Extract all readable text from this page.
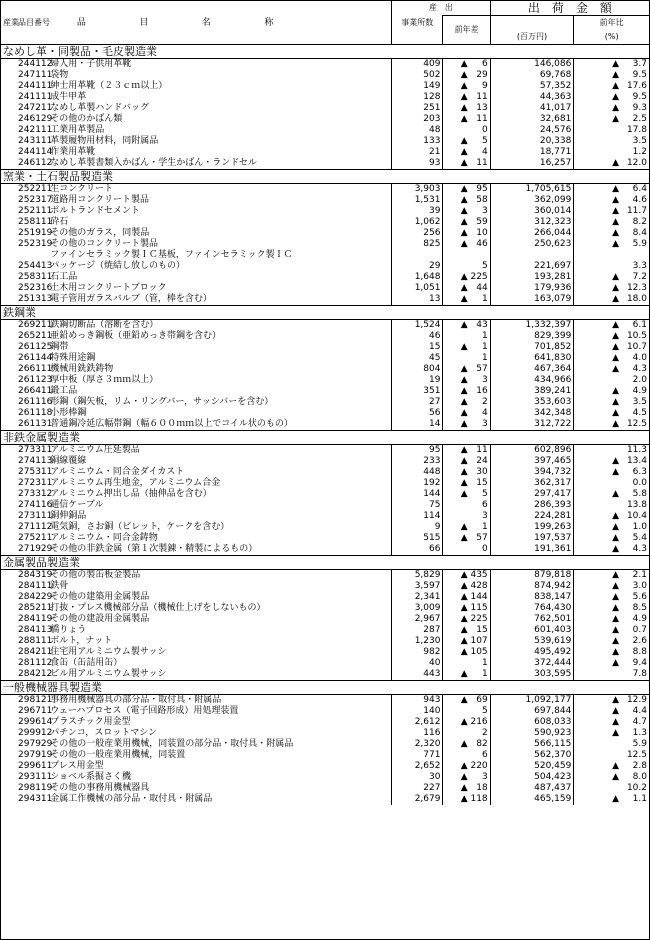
産業	品目番号	品 目 名 称	産　出		出　荷　金　額	
			事業所数	前年差	(百万円)	前年比
						(%)
なめし革・同製品・毛皮製造業						
	244112	婦人用・子供用革靴	409	▲ 6	146,086	▲ 3.7
	247111	袋物	502	▲ 29	69,768	▲ 9.5
	244111	紳士用革靴（２３ｃｍ以上）	149	▲ 9	57,352	▲ 17.6
	241111	成牛甲革	128	▲ 11	44,363	▲ 9.5
	247211	なめし革製ハンドバッグ	251	▲ 13	41,017	▲ 9.3
	246129	その他のかばん類	203	▲ 11	32,681	▲ 2.5
	242111	工業用革製品	48	0	24,576	17.8
	243111	革製履物用材料，同附属品	133	▲ 5	20,338	3.5
	244114	作業用革靴	21	▲ 4	18,771	1.2
	246112	なめし革製書類入かばん・学生かばん・ランドセル	93	▲ 11	16,257	▲ 12.0
窯業・土石製品製造業						
	252211	生コンクリート	3,903	▲ 95	1,705,615	▲ 6.4
	252317	道路用コンクリート製品	1,531	▲ 58	362,099	▲ 4.6
	252111	ポルトランドセメント	39	▲ 3	360,014	▲ 11.7
	258111	砕石	1,062	▲ 59	312,323	▲ 8.2
	251919	その他のガラス，同製品	256	▲ 10	266,044	▲ 8.4
	252319	その他のコンクリート製品	825	▲ 46	250,623	▲ 5.9
	254413	ファインセラミック製ＩＣ基板，ファインセラミック製ＩＣ
パッケージ（焼結し放しのもの）	29	5	221,697	3.3
	258311	石工品	1,648	▲ 225	193,281	▲ 7.2
	252316	土木用コンクリートブロック	1,051	▲ 44	179,936	▲ 12.3
	251313	電子管用ガラスバルブ（管，棒を含む）	13	▲ 1	163,079	▲ 18.0
鉄鋼業						
	269211	鉄鋼切断品（溶断を含む）	1,524	▲ 43	1,332,397	▲ 6.1
	265211	亜鉛めっき鋼板（亜鉛めっき帯鋼を含む）	46	1	829,399	▲ 10.5
	261125	鋼帯	15	▲ 1	701,852	▲ 10.7
	261144	特殊用途鋼	45	1	641,830	▲ 4.0
	266111	機械用銑鉄鋳物	804	▲ 57	467,364	▲ 4.3
	261123	厚中板（厚さ３ｍｍ以上）	19	▲ 3	434,966	2.0
	266411	鍛工品	351	▲ 16	389,241	▲ 4.9
	261116	形鋼（鋼矢板，リム・リングバー，サッシバーを含む）	27	▲ 2	353,603	▲ 3.5
	261118	小形棒鋼	56	▲ 4	342,348	▲ 4.5
	261131	普通鋼冷延広幅帯鋼（幅６００ｍｍ以上でコイル状のもの）	14	▲ 3	312,722	▲ 12.5
非鉄金属製造業						
	273311	アルミニウム圧延製品	95	▲ 11	602,896	11.3
	274113	銅線覆線	233	▲ 24	397,465	▲ 13.4
	275311	アルミニウム・同合金ダイカスト	448	▲ 30	394,732	▲ 6.3
	272311	アルミニウム再生地金，アルミニウム合金	192	▲ 15	362,317	0.0
	273312	アルミニウム押出し品（抽伸品を含む）	144	▲ 5	297,417	▲ 5.8
	274116	通信ケーブル	75	6	286,393	13.8
	273111	銅伸銅品	114	3	224,281	▲ 10.4
	271112	電気銅，さお銅（ビレット，ケークを含む）	9	▲ 1	199,263	▲ 1.0
	275211	アルミニウム・同合金鋳物	515	▲ 57	197,537	▲ 5.4
	271929	その他の非鉄金属（第１次製錬・精製によるもの）	66	0	191,361	▲ 4.3
金属製品製造業						
	284319	その他の製缶板金製品	5,829	▲ 435	879,818	▲ 2.1
	284111	鉄骨	3,597	▲ 428	874,942	▲ 3.0
	284229	その他の建築用金属製品	2,341	▲ 144	838,147	▲ 5.6
	285211	打抜・プレス機械部分品（機械仕上げをしないもの）	3,009	▲ 115	764,430	▲ 8.5
	284119	その他の建設用金属製品	2,967	▲ 225	762,501	▲ 4.9
	284113	橋りょう	287	▲ 15	601,403	▲ 0.7
	288111	ボルト，ナット	1,230	▲ 107	539,619	▲ 2.6
	284211	住宅用アルミニウム製サッシ	982	▲ 105	495,492	▲ 8.8
	281112	食缶（缶詰用缶）	40	1	372,444	▲ 9.4
	284212	ビル用アルミニウム製サッシ	443	▲ 1	303,595	7.8
一般機械器具製造業						
	298121	事務用機械器具の部分品・取付具・附属品	943	▲ 69	1,092,177	▲ 12.9
	296711	ウェーハプロセス（電子回路形成）用処理装置	140	5	697,844	▲ 4.4
	299614	プラスチック用金型	2,612	▲ 216	608,033	▲ 4.7
	299912	パチンコ，スロットマシン	116	2	590,923	▲ 1.3
	297929	その他の一般産業用機械，同装置の部分品・取付具・附属品	2,320	▲ 82	566,115	5.9
	297919	その他の一般産業用機械，同装置	771	6	562,370	12.5
	299611	プレス用金型	2,652	▲ 220	520,459	▲ 2.8
	293111	ショベル系掘さく機	30	▲ 3	504,423	▲ 8.0
	298119	その他の事務用機械器具	227	▲ 18	487,437	10.2
	294311	金属工作機械の部分品・取付具・附属品	2,679	▲ 118	465,159	▲ 1.1
